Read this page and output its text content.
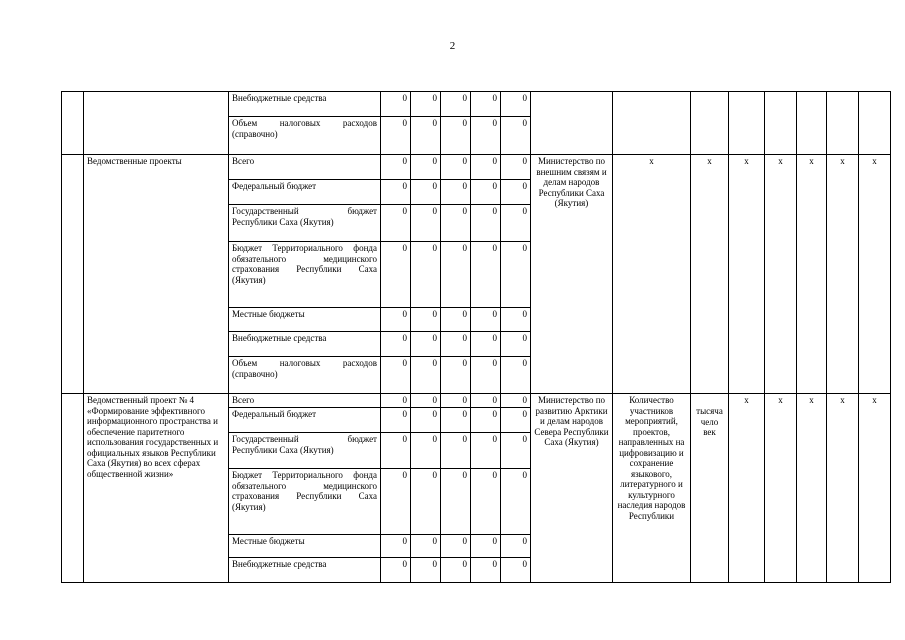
2
		Внебюджетные средства	0	0	0	0	0								
		Объем налоговых расходов (справочно)	0	0	0	0	0								
	Ведомственные проекты	Всего	0	0	0	0	0	Министерство по внешним связям и делам народов Республики Саха (Якутия)	x	x	x	x	x	x	x
		Федеральный бюджет	0	0	0	0	0								
		Государственный бюджет Республики Саха (Якутия)	0	0	0	0	0								
		Бюджет Территориального фонда обязательного медицинского страхования Республики Саха (Якутия)	0	0	0	0	0								
		Местные бюджеты	0	0	0	0	0								
		Внебюджетные средства	0	0	0	0	0								
		Объем налоговых расходов (справочно)	0	0	0	0	0								
	Ведомственный проект № 4 «Формирование эффективного информационного пространства и обеспечение паритетного использования государственных и официальных языков Республики Саха (Якутия) во всех сферах общественной жизни»	Всего	0	0	0	0	0	Министерство по развитию Арктики и делам народов Севера Республики Саха (Якутия)	Количество участников мероприятий, проектов, направленных на цифровизацию и сохранение языкового, литературного и культурного наследия народов Республики	тысяча чело век	x	x	x	x	x
		Федеральный бюджет	0	0	0	0	0								
		Государственный бюджет Республики Саха (Якутия)	0	0	0	0	0								
		Бюджет Территориального фонда обязательного медицинского страхования Республики Саха (Якутия)	0	0	0	0	0								
		Местные бюджеты	0	0	0	0	0								
		Внебюджетные средства	0	0	0	0	0								
